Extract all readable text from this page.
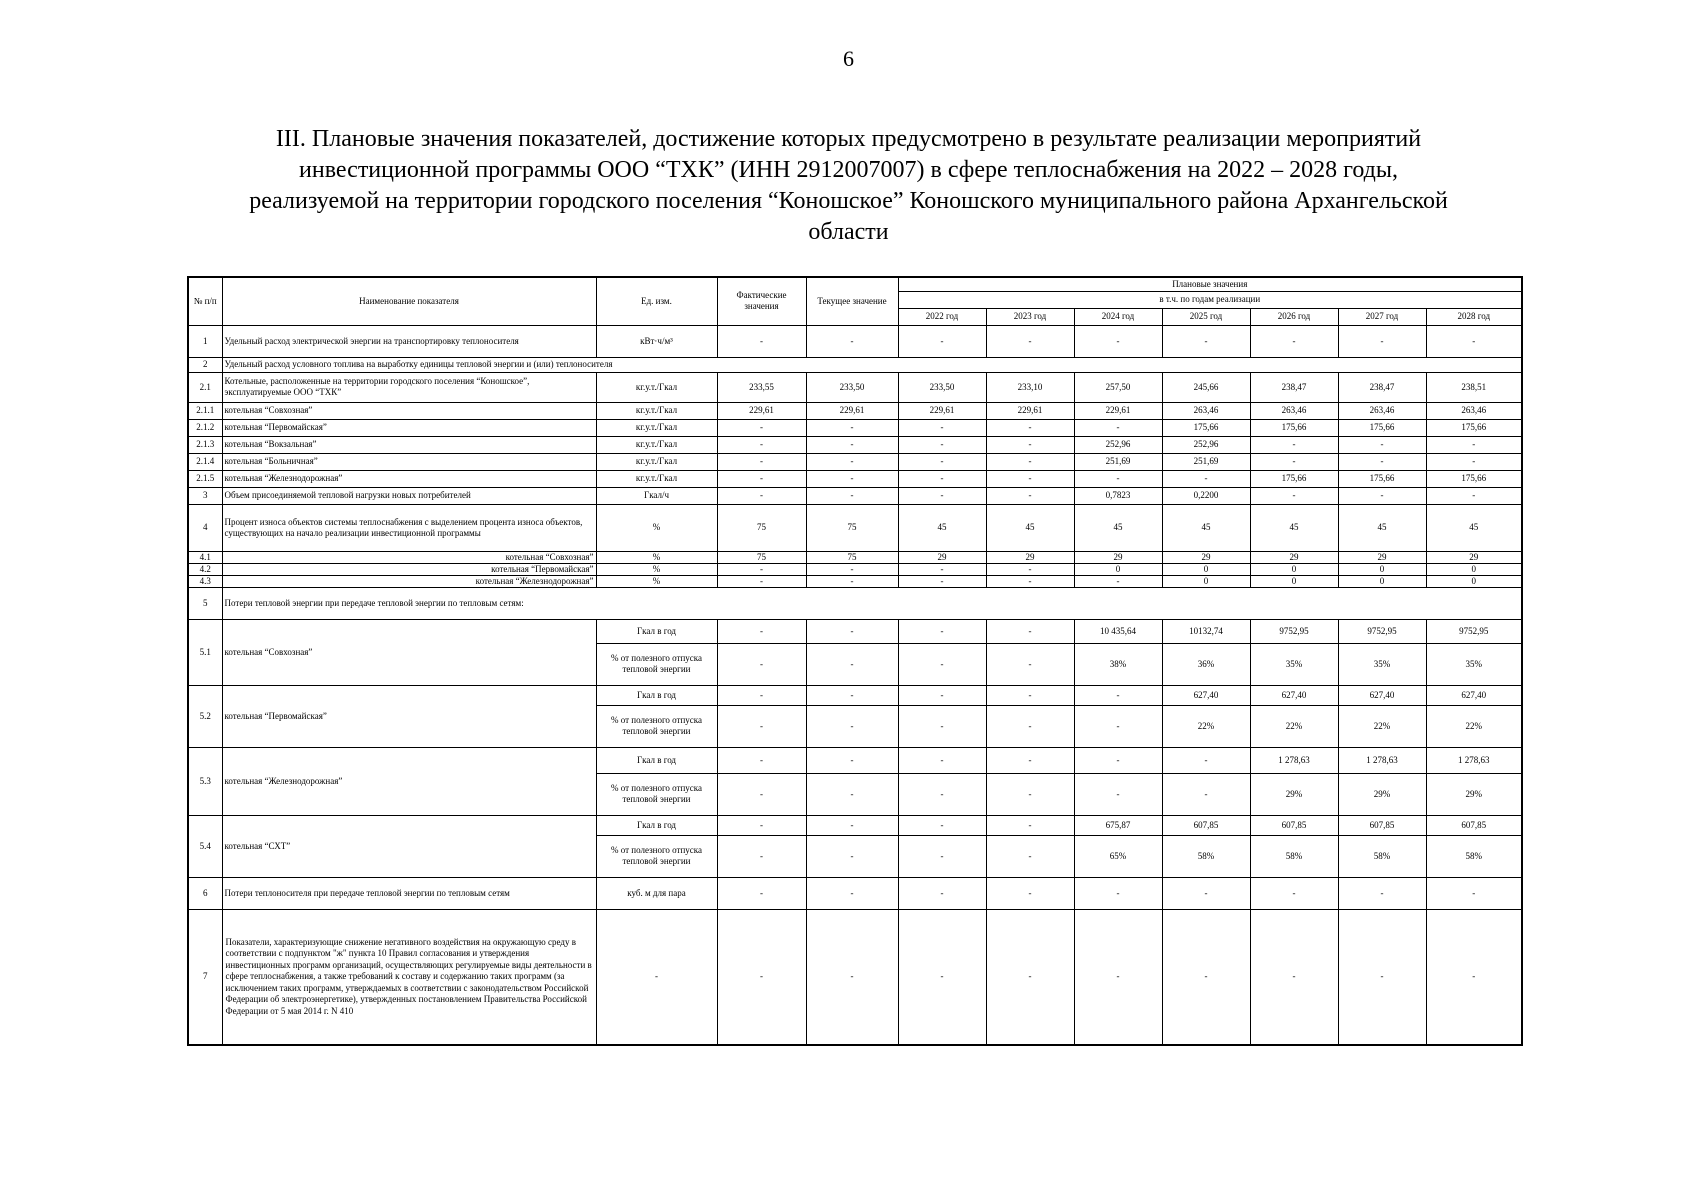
6
III. Плановые значения показателей, достижение которых предусмотрено в результате реализации мероприятий
инвестиционной программы ООО “ТХК” (ИНН 2912007007) в сфере теплоснабжения на 2022 – 2028 годы,
реализуемой на территории городского поселения “Коношское” Коношского муниципального района Архангельской
области
№ п/п	Наименование показателя	Ед. изм.	Фактические значения	Текущее значение	Плановые значения						
					в т.ч. по годам реализации						
					2022 год	2023 год	2024 год	2025 год	2026 год	2027 год	2028 год
1	Удельный расход электрической энергии на транспортировку теплоносителя	кВт·ч/м³	-	-	-	-	-	-	-	-	-
2	Удельный расход условного топлива на выработку единицы тепловой энергии и (или) теплоносителя										
2.1	Котельные, расположенные на территории городского поселения “Коношское”, эксплуатируемые ООО “ТХК”	кг.у.т./Гкал	233,55	233,50	233,50	233,10	257,50	245,66	238,47	238,47	238,51
2.1.1	котельная “Совхозная”	кг.у.т./Гкал	229,61	229,61	229,61	229,61	229,61	263,46	263,46	263,46	263,46
2.1.2	котельная “Первомайская”	кг.у.т./Гкал	-	-	-	-	-	175,66	175,66	175,66	175,66
2.1.3	котельная “Вокзальная”	кг.у.т./Гкал	-	-	-	-	252,96	252,96	-	-	-
2.1.4	котельная “Больничная”	кг.у.т./Гкал	-	-	-	-	251,69	251,69	-	-	-
2.1.5	котельная “Железнодорожная”	кг.у.т./Гкал	-	-	-	-	-	-	175,66	175,66	175,66
3	Объем присоединяемой тепловой нагрузки новых потребителей	Гкал/ч	-	-	-	-	0,7823	0,2200	-	-	-
4	Процент износа объектов системы теплоснабжения с выделением процента износа объектов, существующих на начало реализации инвестиционной программы	%	75	75	45	45	45	45	45	45	45
4.1	котельная “Совхозная”	%	75	75	29	29	29	29	29	29	29
4.2	котельная “Первомайская”	%	-	-	-	-	0	0	0	0	0
4.3	котельная “Железнодорожная”	%	-	-	-	-	-	0	0	0	0
5	Потери тепловой энергии при передаче тепловой энергии по тепловым сетям:										
5.1	котельная “Совхозная”	Гкал в год	-	-	-	-	10 435,64	10132,74	9752,95	9752,95	9752,95
		% от полезного отпуска тепловой энергии	-	-	-	-	38%	36%	35%	35%	35%
5.2	котельная “Первомайская”	Гкал в год	-	-	-	-	-	627,40	627,40	627,40	627,40
		% от полезного отпуска тепловой энергии	-	-	-	-	-	22%	22%	22%	22%
5.3	котельная “Железнодорожная”	Гкал в год	-	-	-	-	-	-	1 278,63	1 278,63	1 278,63
		% от полезного отпуска тепловой энергии	-	-	-	-	-	-	29%	29%	29%
5.4	котельная “СХТ”	Гкал в год	-	-	-	-	675,87	607,85	607,85	607,85	607,85
		% от полезного отпуска тепловой энергии	-	-	-	-	65%	58%	58%	58%	58%
6	Потери теплоносителя при передаче тепловой энергии по тепловым сетям	куб. м для пара	-	-	-	-	-	-	-	-	-
7	Показатели, характеризующие снижение негативного воздействия на окружающую среду в соответствии с подпунктом "ж" пункта 10 Правил согласования и утверждения инвестиционных программ организаций, осуществляющих регулируемые виды деятельности в сфере теплоснабжения, а также требований к составу и содержанию таких программ (за исключением таких программ, утверждаемых в соответствии с законодательством Российской Федерации об электроэнергетике), утвержденных постановлением Правительства Российской Федерации от 5 мая 2014 г. N 410	-	-	-	-	-	-	-	-	-	-
